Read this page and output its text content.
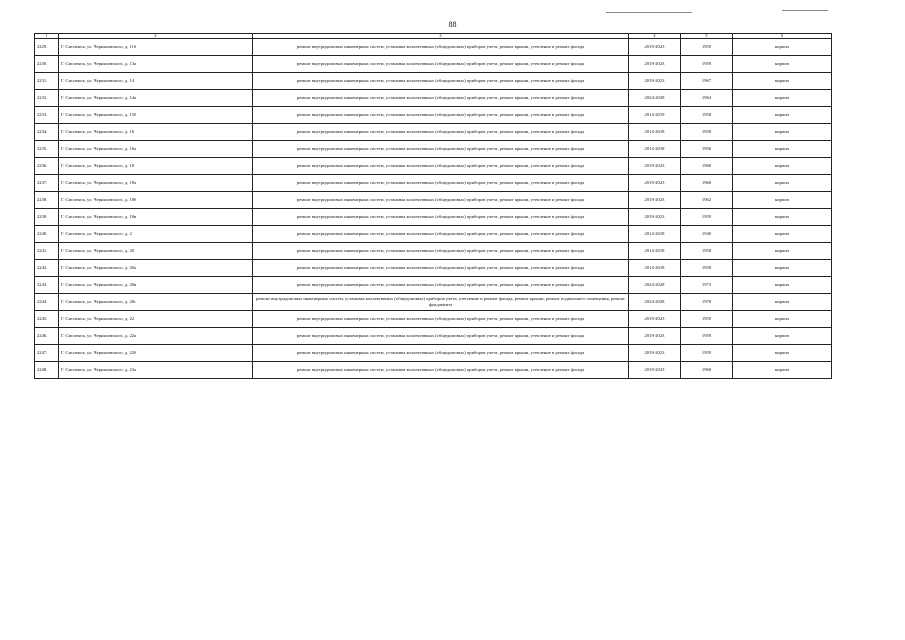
88
1	2	3	4	5	6
2229.	Г. Смоленск, ул. Черняховского, д. 11б	ремонт внутридомовых инженерных систем, установка коллективных (общедомовых) приборов учета, ремонт крыши, утепление и ремонт фасада	2019-2023	1959	кирпич
2230.	Г. Смоленск, ул. Черняховского, д. 13а	ремонт внутридомовых инженерных систем, установка коллективных (общедомовых) приборов учета, ремонт крыши, утепление и ремонт фасада	2019-2023	1959	кирпич
2231.	Г. Смоленск, ул. Черняховского, д. 14	ремонт внутридомовых инженерных систем, установка коллективных (общедомовых) приборов учета, ремонт крыши, утепление и ремонт фасада	2019-2023	1967	кирпич
2232.	Г. Смоленск, ул. Черняховского, д. 14а	ремонт внутридомовых инженерных систем, установка коллективных (общедомовых) приборов учета, ремонт крыши, утепление и ремонт фасада	2024-2028	1964	кирпич
2233.	Г. Смоленск, ул. Черняховского, д. 15б	ремонт внутридомовых инженерных систем, установка коллективных (общедомовых) приборов учета, ремонт крыши, утепление и ремонт фасада	2014-2019	1958	кирпич
2234.	Г. Смоленск, ул. Черняховского, д. 16	ремонт внутридомовых инженерных систем, установка коллективных (общедомовых) приборов учета, ремонт крыши, утепление и ремонт фасада	2014-2018	1958	кирпич
2235.	Г. Смоленск, ул. Черняховского, д. 16а	ремонт внутридомовых инженерных систем, установка коллективных (общедомовых) приборов учета, ремонт крыши, утепление и ремонт фасада	2014-2018	1956	кирпич
2236.	Г. Смоленск, ул. Черняховского, д. 18	ремонт внутридомовых инженерных систем, установка коллективных (общедомовых) приборов учета, ремонт крыши, утепление и ремонт фасада	2019-2023	1960	кирпич
2237.	Г. Смоленск, ул. Черняховского, д. 18а	ремонт внутридомовых инженерных систем, установка коллективных (общедомовых) приборов учета, ремонт крыши, утепление и ремонт фасада	2019-2023	1960	кирпич
2238.	Г. Смоленск, ул. Черняховского, д. 18б	ремонт внутридомовых инженерных систем, установка коллективных (общедомовых) приборов учета, ремонт крыши, утепление и ремонт фасада	2019-2023	1962	кирпич
2239.	Г. Смоленск, ул. Черняховского, д. 18в	ремонт внутридомовых инженерных систем, установка коллективных (общедомовых) приборов учета, ремонт крыши, утепление и ремонт фасада	2019-2023	1959	кирпич
2240.	Г. Смоленск, ул. Черняховского, д. 2	ремонт внутридомовых инженерных систем, установка коллективных (общедомовых) приборов учета, ремонт крыши, утепление и ремонт фасада	2014-2018	1940	кирпич
2241.	Г. Смоленск, ул. Черняховского, д. 20	ремонт внутридомовых инженерных систем, установка коллективных (общедомовых) приборов учета, ремонт крыши, утепление и ремонт фасада	2014-2018	1958	кирпич
2242.	Г. Смоленск, ул. Черняховского, д. 20а	ремонт внутридомовых инженерных систем, установка коллективных (общедомовых) приборов учета, ремонт крыши, утепление и ремонт фасада	2014-2018	1958	кирпич
2243.	Г. Смоленск, ул. Черняховского, д. 20в	ремонт внутридомовых инженерных систем, установка коллективных (общедомовых) приборов учета, ремонт крыши, утепление и ремонт фасада	2024-2028	1973	кирпич
2244.	Г. Смоленск, ул. Черняховского, д. 20г	ремонт внутридомовых инженерных систем, установка коллективных (общедомовых) приборов учета, утепление и ремонт фасада, ремонт крыши, ремонт подвального помещения, ремонт фундамента	2024-2028	1978	кирпич
2245.	Г. Смоленск, ул. Черняховского, д. 22	ремонт внутридомовых инженерных систем, установка коллективных (общедомовых) приборов учета, ремонт крыши, утепление и ремонт фасада	2019-2023	1959	кирпич
2246.	Г. Смоленск, ул. Черняховского, д. 22а	ремонт внутридомовых инженерных систем, установка коллективных (общедомовых) приборов учета, ремонт крыши, утепление и ремонт фасада	2019-2023	1959	кирпич
2247.	Г. Смоленск, ул. Черняховского, д. 22б	ремонт внутридомовых инженерных систем, установка коллективных (общедомовых) приборов учета, ремонт крыши, утепление и ремонт фасада	2019-2023	1959	кирпич
2248.	Г. Смоленск, ул. Черняховского, д. 23а	ремонт внутридомовых инженерных систем, установка коллективных (общедомовых) приборов учета, ремонт крыши, утепление и ремонт фасада	2019-2023	1960	кирпич
